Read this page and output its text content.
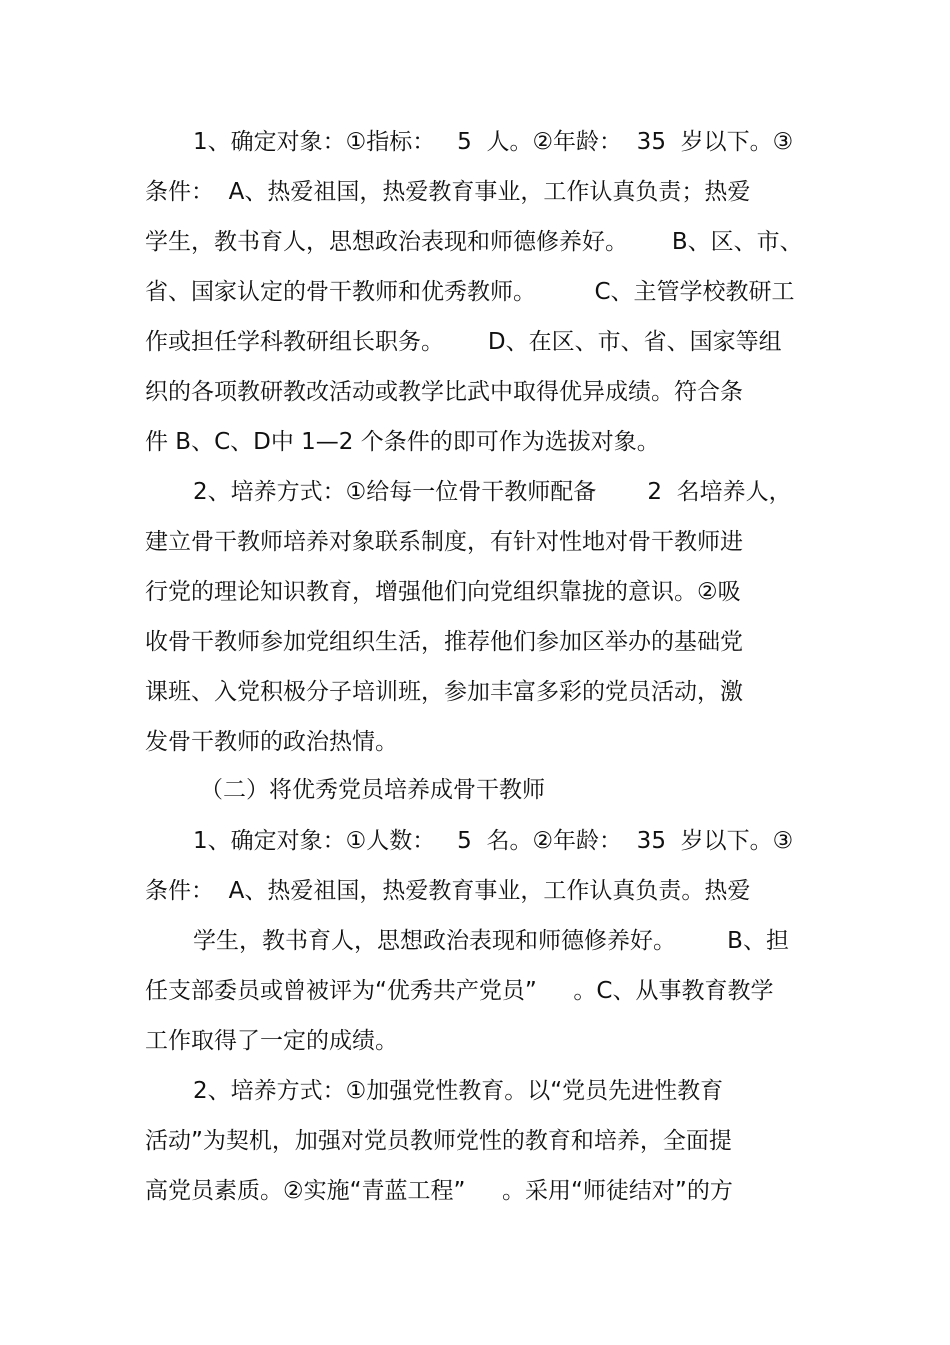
1、确定对象：①指标：   5  人。②年龄：  35  岁以下。③
条件：  A、热爱祖国，热爱教育事业，工作认真负责；热爱
学生，教书育人，思想政治表现和师德修养好。      B、区、市、
省、国家认定的骨干教师和优秀教师。        C、主管学校教研工
作或担任学科教研组长职务。      D、在区、市、省、国家等组
织的各项教研教改活动或教学比武中取得优异成绩。符合条
件 B、C、D中 1—2 个条件的即可作为选拔对象。
2、培养方式：①给每一位骨干教师配备       2  名培养人，
建立骨干教师培养对象联系制度，有针对性地对骨干教师进
行党的理论知识教育，增强他们向党组织靠拢的意识。②吸
收骨干教师参加党组织生活，推荐他们参加区举办的基础党
课班、入党积极分子培训班，参加丰富多彩的党员活动，激
发骨干教师的政治热情。
（二）将优秀党员培养成骨干教师
1、确定对象：①人数：   5  名。②年龄：  35  岁以下。③
条件：  A、热爱祖国，热爱教育事业，工作认真负责。热爱
学生，教书育人，思想政治表现和师德修养好。       B、担
任支部委员或曾被评为“优秀共产党员”     。C、从事教育教学
工作取得了一定的成绩。
2、培养方式：①加强党性教育。以“党员先进性教育
活动”为契机，加强对党员教师党性的教育和培养，全面提
高党员素质。②实施“青蓝工程”     。采用“师徒结对”的方
